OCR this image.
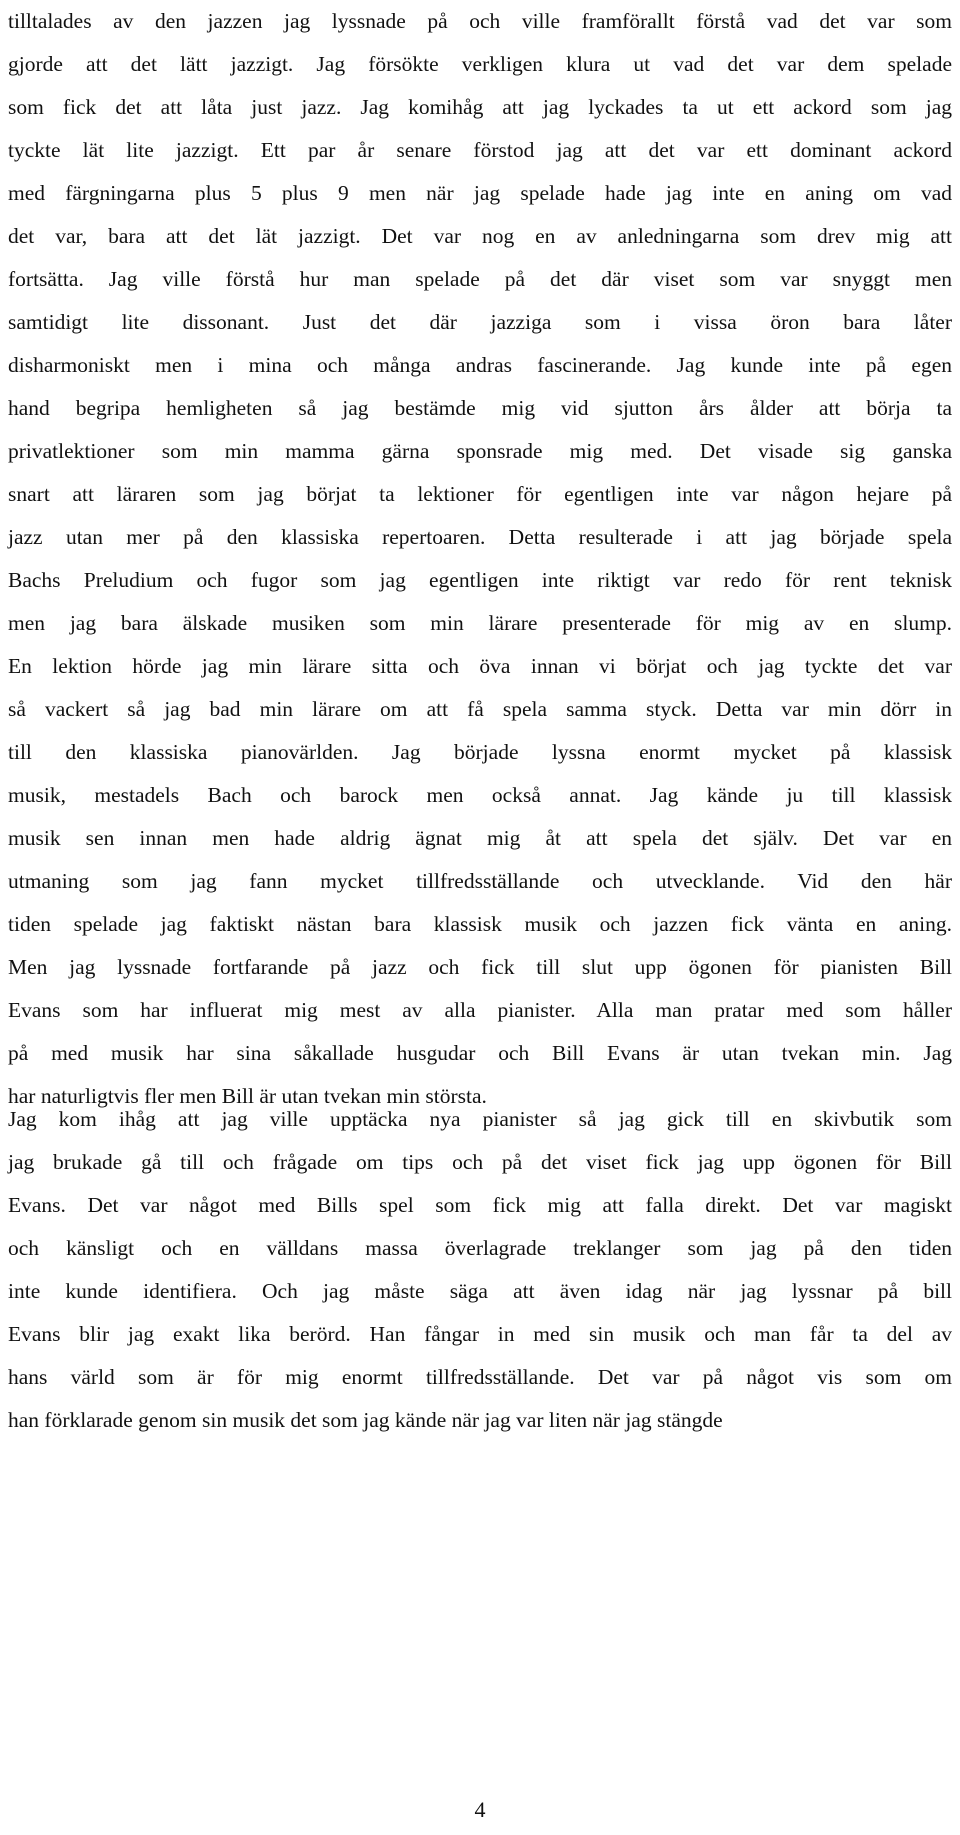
tilltalades av den jazzen jag lyssnade på och ville framförallt förstå vad det var som
gjorde att det lätt jazzigt. Jag försökte verkligen klura ut vad det var dem spelade
som fick det att låta just jazz. Jag komihåg att jag lyckades ta ut ett ackord som jag
tyckte lät lite jazzigt. Ett par år senare förstod jag att det var ett dominant ackord
med färgningarna plus 5 plus 9 men när jag spelade hade jag inte en aning om vad
det var, bara att det lät jazzigt. Det var nog en av anledningarna som drev mig att
fortsätta. Jag ville förstå hur man spelade på det där viset som var snyggt men
samtidigt lite dissonant. Just det där jazziga som i vissa öron bara låter
disharmoniskt men i mina och många andras fascinerande. Jag kunde inte på egen
hand begripa hemligheten så jag bestämde mig vid sjutton års ålder att börja ta
privatlektioner som min mamma gärna sponsrade mig med. Det visade sig ganska
snart att läraren som jag börjat ta lektioner för egentligen inte var någon hejare på
jazz utan mer på den klassiska repertoaren. Detta resulterade i att jag började spela
Bachs Preludium och fugor som jag egentligen inte riktigt var redo för rent teknisk
men jag bara älskade musiken som min lärare presenterade för mig av en slump.
En lektion hörde jag min lärare sitta och öva innan vi börjat och jag tyckte det var
så vackert så jag bad min lärare om att få spela samma styck. Detta var min dörr in
till den klassiska pianovärlden. Jag började lyssna enormt mycket på klassisk
musik, mestadels Bach och barock men också annat. Jag kände ju till klassisk
musik sen innan men hade aldrig ägnat mig åt att spela det själv. Det var en
utmaning som jag fann mycket tillfredsställande och utvecklande. Vid den här
tiden spelade jag faktiskt nästan bara klassisk musik och jazzen fick vänta en aning.
Men jag lyssnade fortfarande på jazz och fick till slut upp ögonen för pianisten Bill
Evans som har influerat mig mest av alla pianister. Alla man pratar med som håller
på med musik har sina såkallade husgudar och Bill Evans är utan tvekan min. Jag
har naturligtvis fler men Bill är utan tvekan min största.
Jag kom ihåg att jag ville upptäcka nya pianister så jag gick till en skivbutik som
jag brukade gå till och frågade om tips och på det viset fick jag upp ögonen för Bill
Evans. Det var något med Bills spel som fick mig att falla direkt. Det var magiskt
och känsligt och en välldans massa överlagrade treklanger som jag på den tiden
inte kunde identifiera. Och jag måste säga att även idag när jag lyssnar på bill
Evans blir jag exakt lika berörd. Han fångar in med sin musik och man får ta del av
hans värld som är för mig enormt tillfredsställande. Det var på något vis som om
han förklarade genom sin musik det som jag kände när jag var liten när jag stängde
4
